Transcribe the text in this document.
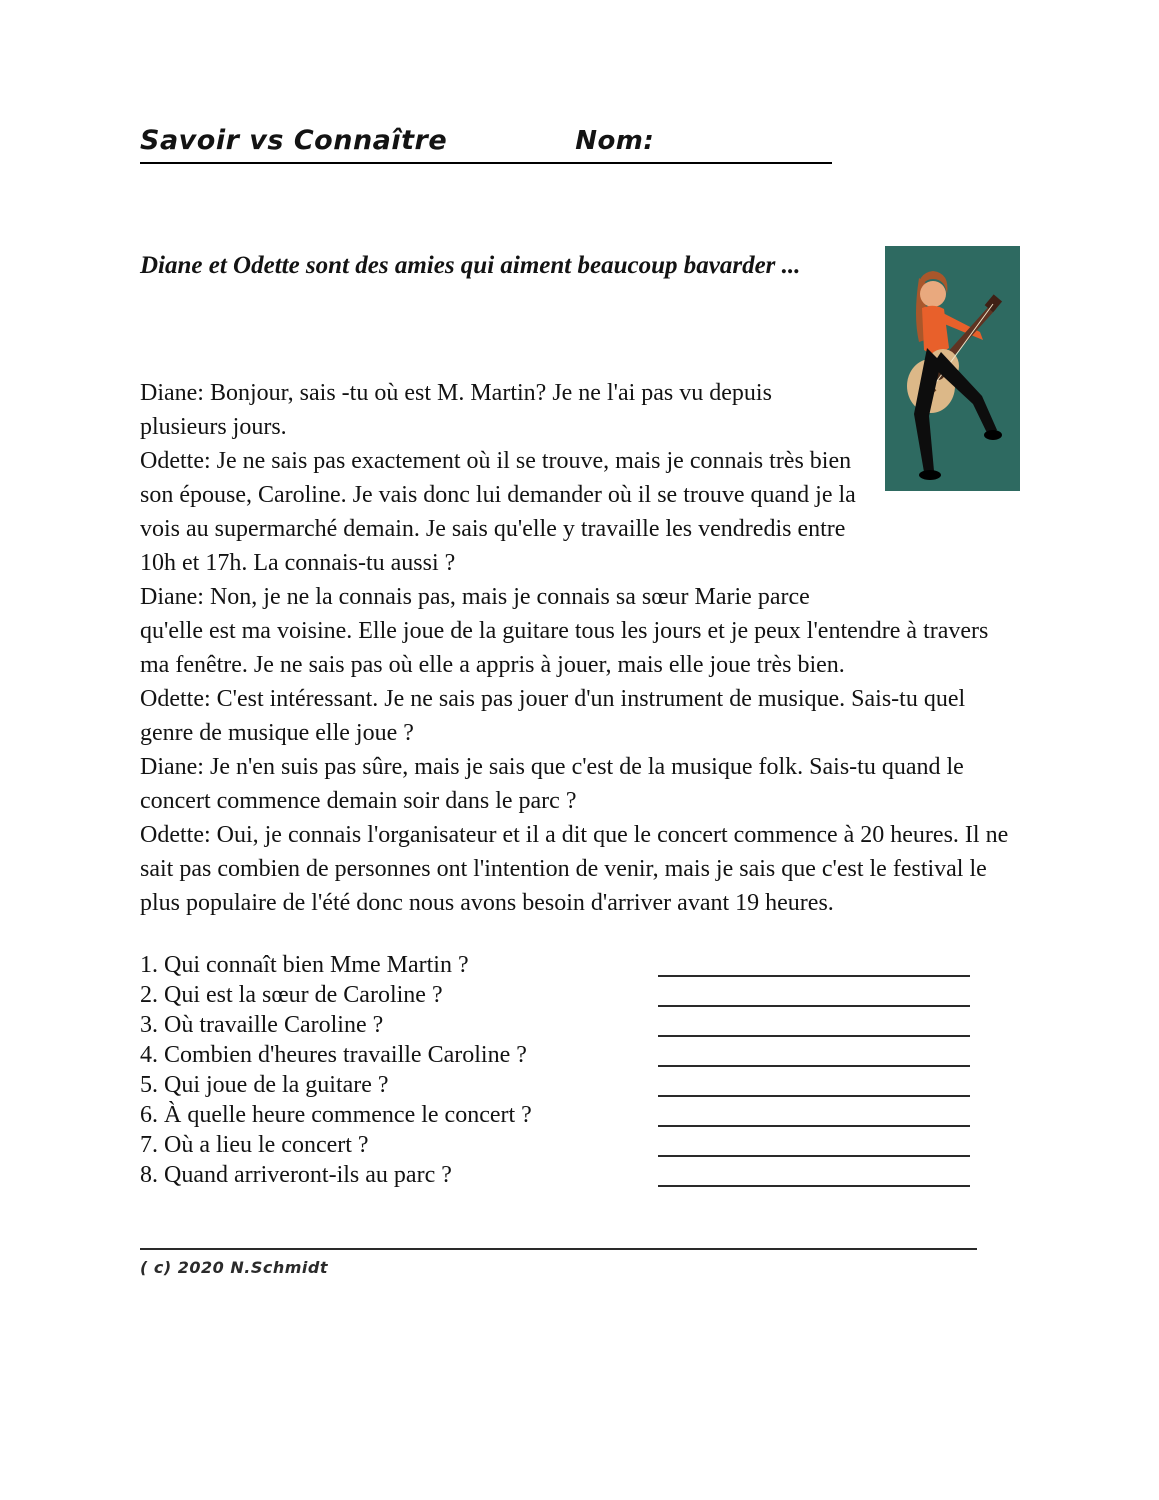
Savoir vs Connaître	Nom:

Diane et Odette sont des amies qui aiment beaucoup bavarder ...

Diane: Bonjour, sais -tu où est M. Martin? Je ne l'ai pas vu depuis plusieurs jours.

Odette: Je ne sais pas exactement où il se trouve, mais je connais très bien son épouse, Caroline. Je vais donc lui demander où il se trouve quand je la vois au supermarché demain. Je sais qu'elle y travaille les vendredis entre 10h et 17h. La connais-tu aussi ?

Diane: Non, je ne la connais pas, mais je connais sa sœur Marie parce qu'elle est ma voisine. Elle joue de la guitare tous les jours et je peux l'entendre à travers ma fenêtre. Je ne sais pas où elle a appris à jouer, mais elle joue très bien.

Odette: C'est intéressant. Je ne sais pas jouer d'un instrument de musique. Sais-tu quel genre de musique elle joue ?

Diane: Je n'en suis pas sûre, mais je sais que c'est de la musique folk. Sais-tu quand le concert commence demain soir dans le parc ?

Odette: Oui, je connais l'organisateur et il a dit que le concert commence à 20 heures. Il ne sait pas combien de personnes ont l'intention de venir, mais je sais que c'est le festival le plus populaire de l'été donc nous avons besoin d'arriver avant 19 heures.

1. Qui connaît bien Mme Martin ?
2. Qui est la sœur de Caroline ?
3. Où travaille Caroline ?
4. Combien d'heures travaille Caroline ?
5. Qui joue de la guitare ?
6. À quelle heure commence le concert ?
7. Où a lieu le concert ?
8. Quand arriveront-ils au parc ?
( c) 2020 N.Schmidt
